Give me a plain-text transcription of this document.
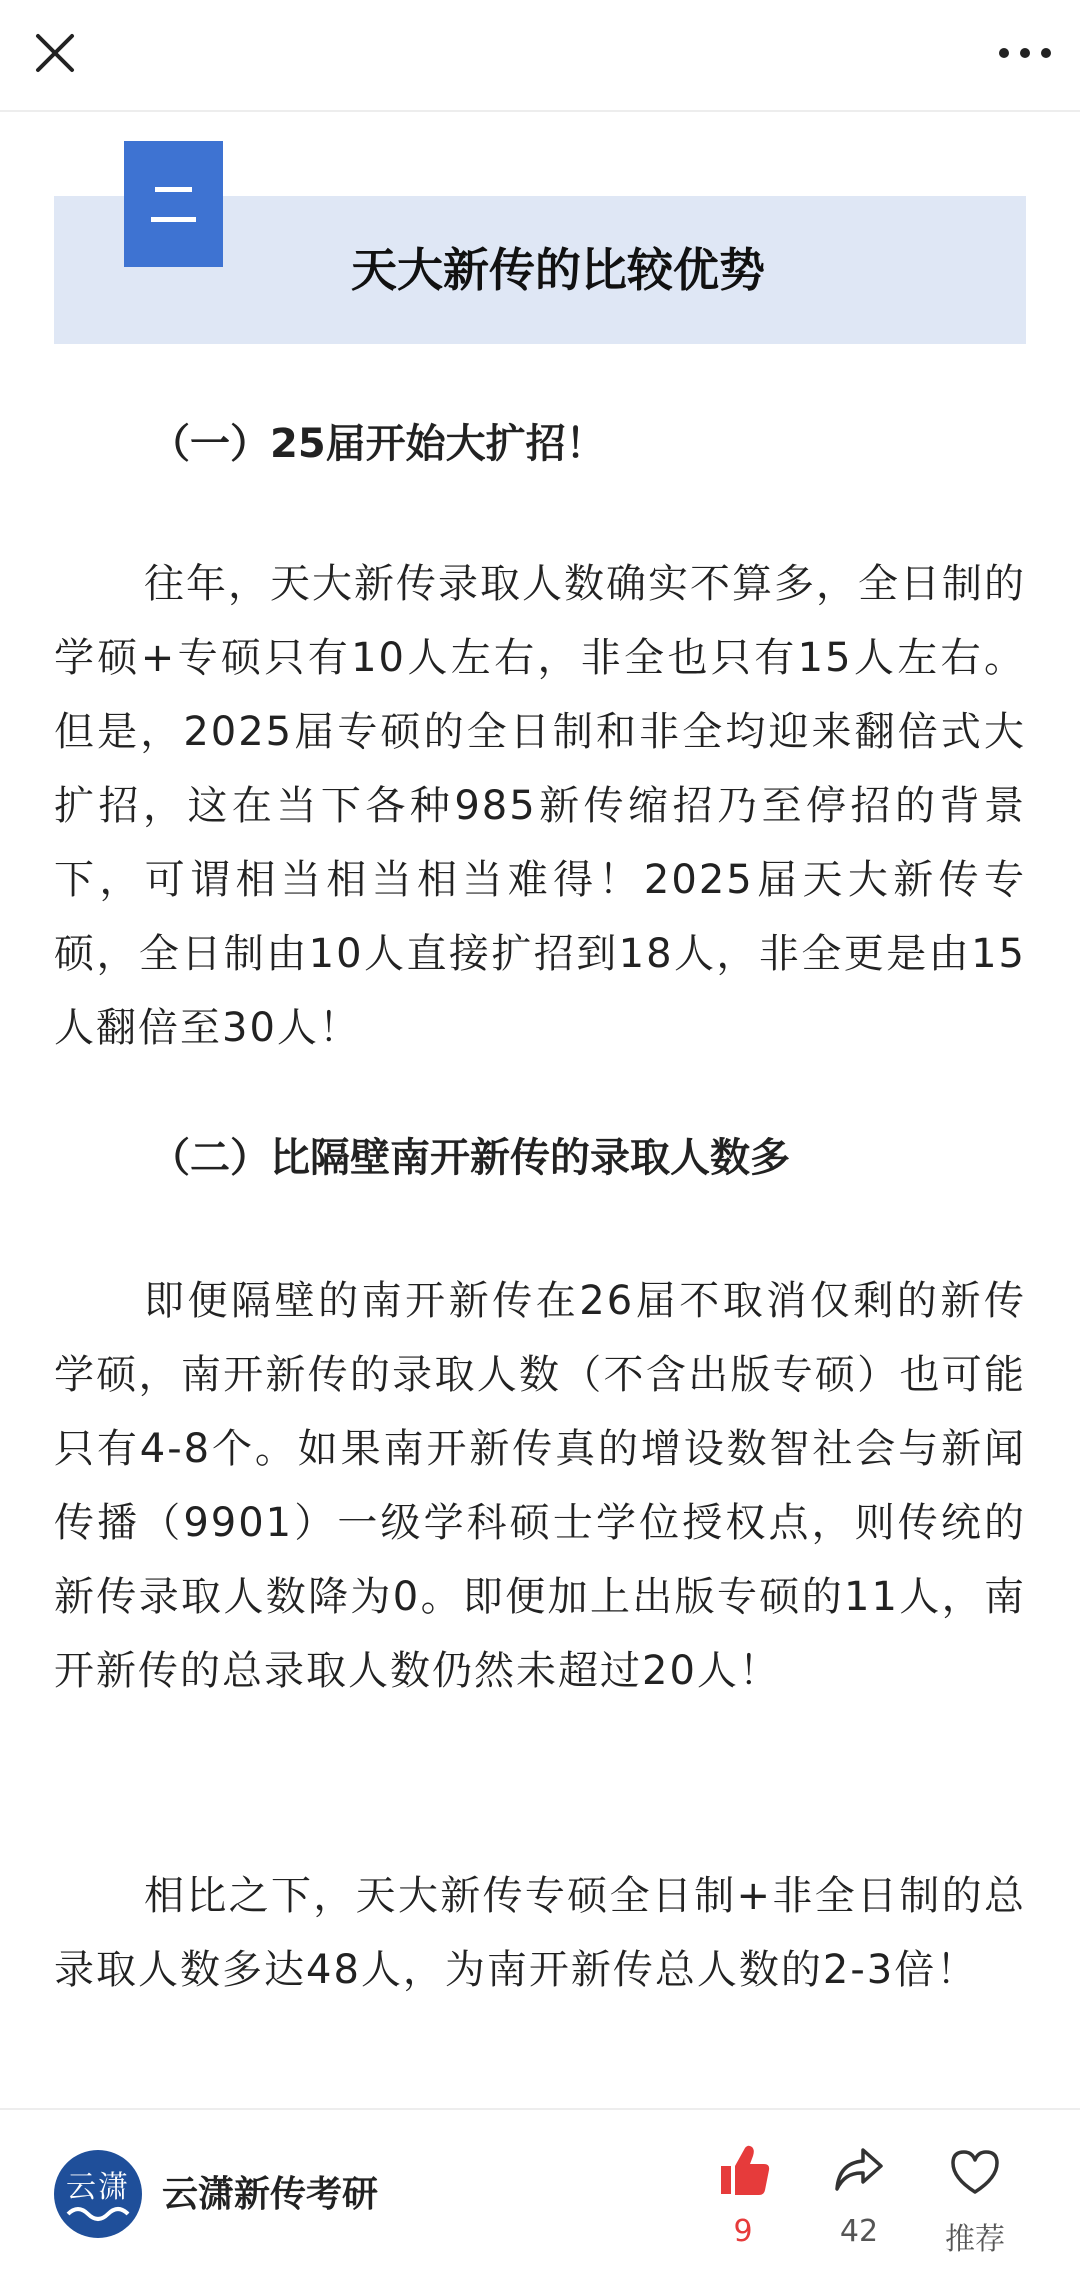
天大新传的比较优势
（一）25届开始大扩招！

往年，天大新传录取人数确实不算多，全日制的学硕+专硕只有10人左右，非全也只有15人左右。但是，2025届专硕的全日制和非全均迎来翻倍式大扩招，这在当下各种985新传缩招乃至停招的背景下，可谓相当相当相当难得！2025届天大新传专硕，全日制由10人直接扩招到18人，非全更是由15人翻倍至30人！

（二）比隔壁南开新传的录取人数多

即便隔壁的南开新传在26届不取消仅剩的新传学硕，南开新传的录取人数（不含出版专硕）也可能只有4-8个。如果南开新传真的增设数智社会与新闻传播（9901）一级学科硕士学位授权点，则传统的新传录取人数降为0。即便加上出版专硕的11人，南开新传的总录取人数仍然未超过20人！

相比之下，天大新传专硕全日制+非全日制的总录取人数多达48人，为南开新传总人数的2-3倍！

云潇 云潇新传考研
9	42	推荐
